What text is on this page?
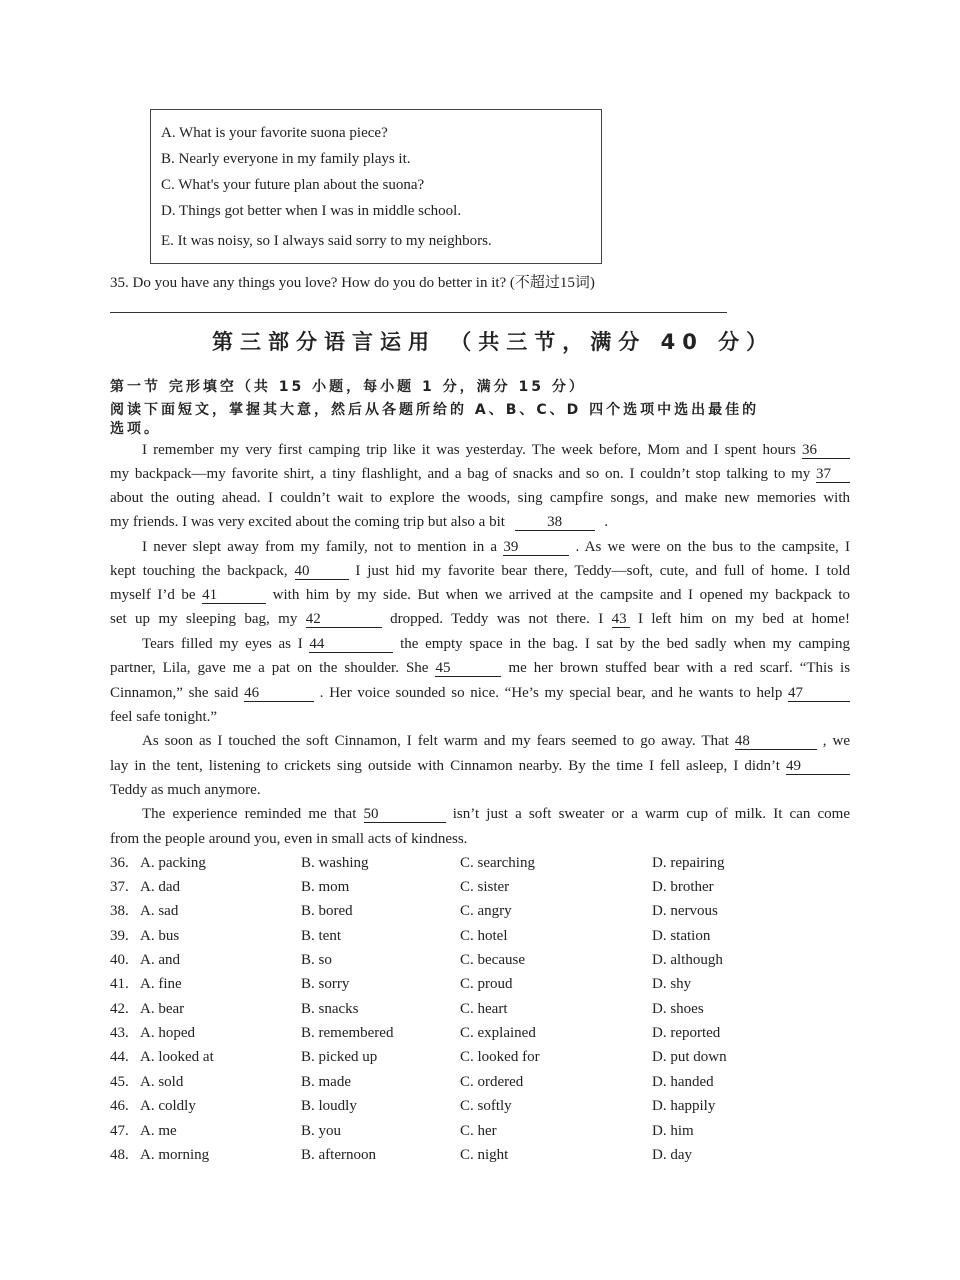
A. What is your favorite suona piece?
B. Nearly everyone in my family plays it.
C. What's your future plan about the suona?
D. Things got better when I was in middle school.
E. It was noisy, so I always said sorry to my neighbors.
35. Do you have any things you love? How do you do better in it? (不超过15词)
第三部分语言运用 （共三节，满分 40 分）
第一节 完形填空（共 15 小题，每小题 1 分，满分 15 分）
阅读下面短文，掌握其大意，然后从各题所给的 A、B、C、D 四个选项中选出最佳的
选项。
I remember my very first camping trip like it was yesterday. The week before, Mom and I spent hours 36
my backpack—my favorite shirt, a tiny flashlight, and a bag of snacks and so on. I couldn’t stop talking to my 37
about the outing ahead. I couldn’t wait to explore the woods, sing campfire songs, and make new memories with
my friends. I was very excited about the coming trip but also a bit	38	.
I never slept away from my family, not to mention in a 39	. As we were on the bus to the campsite, I
kept touching the backpack, 40	I just hid my favorite bear there, Teddy—soft, cute, and full of home. I told
myself I’d be 41	with him by my side. But when we arrived at the campsite and I opened my backpack to
set up my sleeping bag, my 42	dropped. Teddy was not there. I 43 I left him on my bed at home!
Tears filled my eyes as I 44	the empty space in the bag. I sat by the bed sadly when my camping
partner, Lila, gave me a pat on the shoulder. She 45	me her brown stuffed bear with a red scarf. “This is
Cinnamon,” she said 46	. Her voice sounded so nice. “He’s my special bear, and he wants to help 47
feel safe tonight.”
As soon as I touched the soft Cinnamon, I felt warm and my fears seemed to go away. That 48	, we
lay in the tent, listening to crickets sing outside with Cinnamon nearby. By the time I fell asleep, I didn’t 49
Teddy as much anymore.
The experience reminded me that 50	isn’t just a soft sweater or a warm cup of milk. It can come
from the people around you, even in small acts of kindness.
36. A. packing	B. washing	C. searching	D. repairing
37. A. dad	B. mom	C. sister	D. brother
38. A. sad	B. bored	C. angry	D. nervous
39. A. bus	B. tent	C. hotel	D. station
40. A. and	B. so	C. because	D. although
41. A. fine	B. sorry	C. proud	D. shy
42. A. bear	B. snacks	C. heart	D. shoes
43. A. hoped	B. remembered	C. explained	D. reported
44. A. looked at	B. picked up	C. looked for	D. put down
45. A. sold	B. made	C. ordered	D. handed
46. A. coldly	B. loudly	C. softly	D. happily
47. A. me	B. you	C. her	D. him
48. A. morning	B. afternoon	C. night	D. day
